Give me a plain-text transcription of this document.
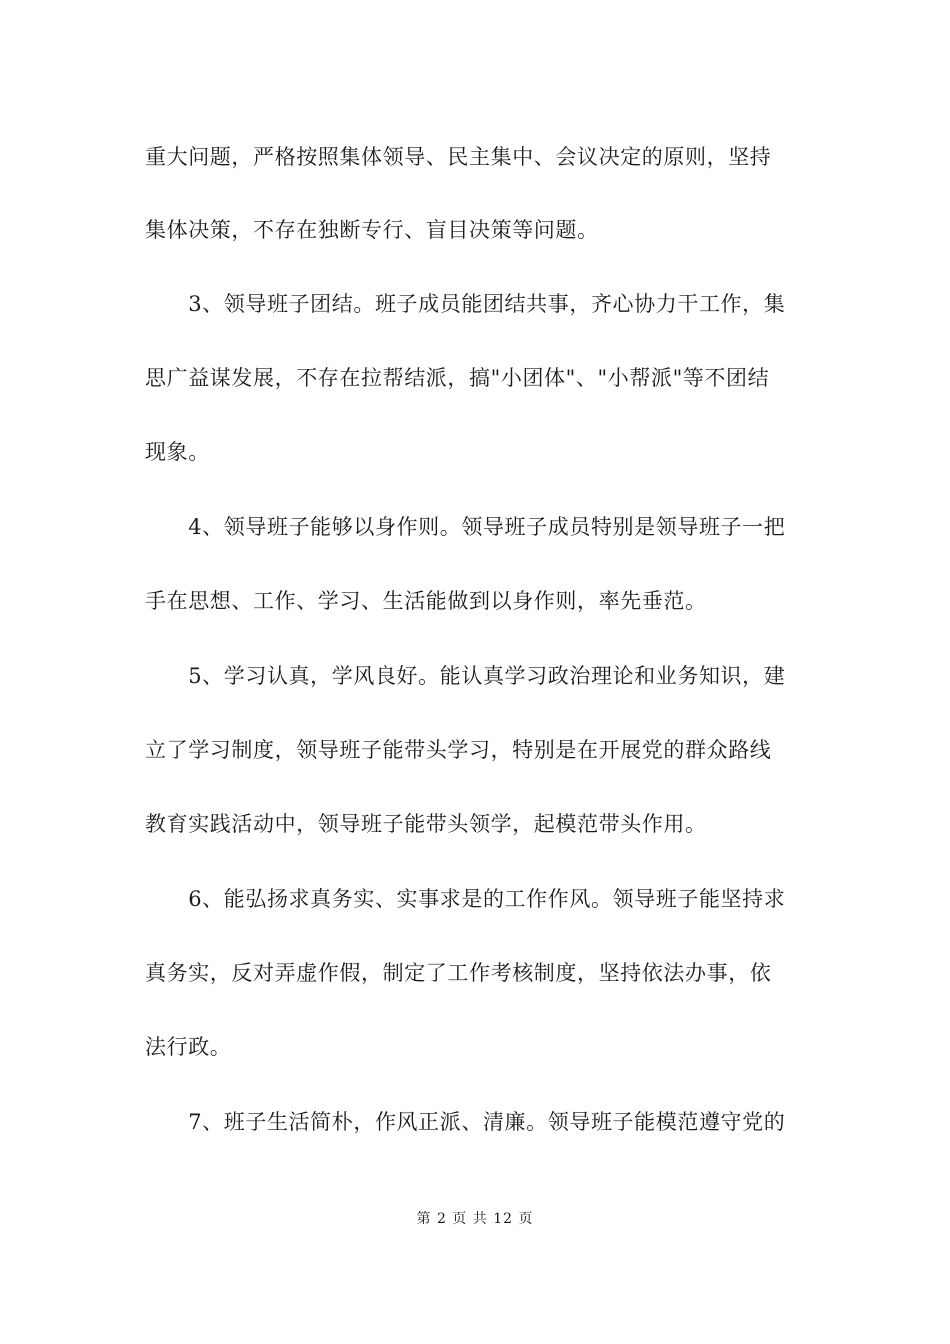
重大问题，严格按照集体领导、民主集中、会议决定的原则，坚持
集体决策，不存在独断专行、盲目决策等问题。
　　3、领导班子团结。班子成员能团结共事，齐心协力干工作，集
思广益谋发展，不存在拉帮结派，搞"小团体"、"小帮派"等不团结
现象。
　　4、领导班子能够以身作则。领导班子成员特别是领导班子一把
手在思想、工作、学习、生活能做到以身作则，率先垂范。
　　5、学习认真，学风良好。能认真学习政治理论和业务知识，建
立了学习制度，领导班子能带头学习，特别是在开展党的群众路线
教育实践活动中，领导班子能带头领学，起模范带头作用。
　　6、能弘扬求真务实、实事求是的工作作风。领导班子能坚持求
真务实，反对弄虚作假，制定了工作考核制度，坚持依法办事，依
法行政。
　　7、班子生活简朴，作风正派、清廉。领导班子能模范遵守党的
第 2 页 共 12 页
